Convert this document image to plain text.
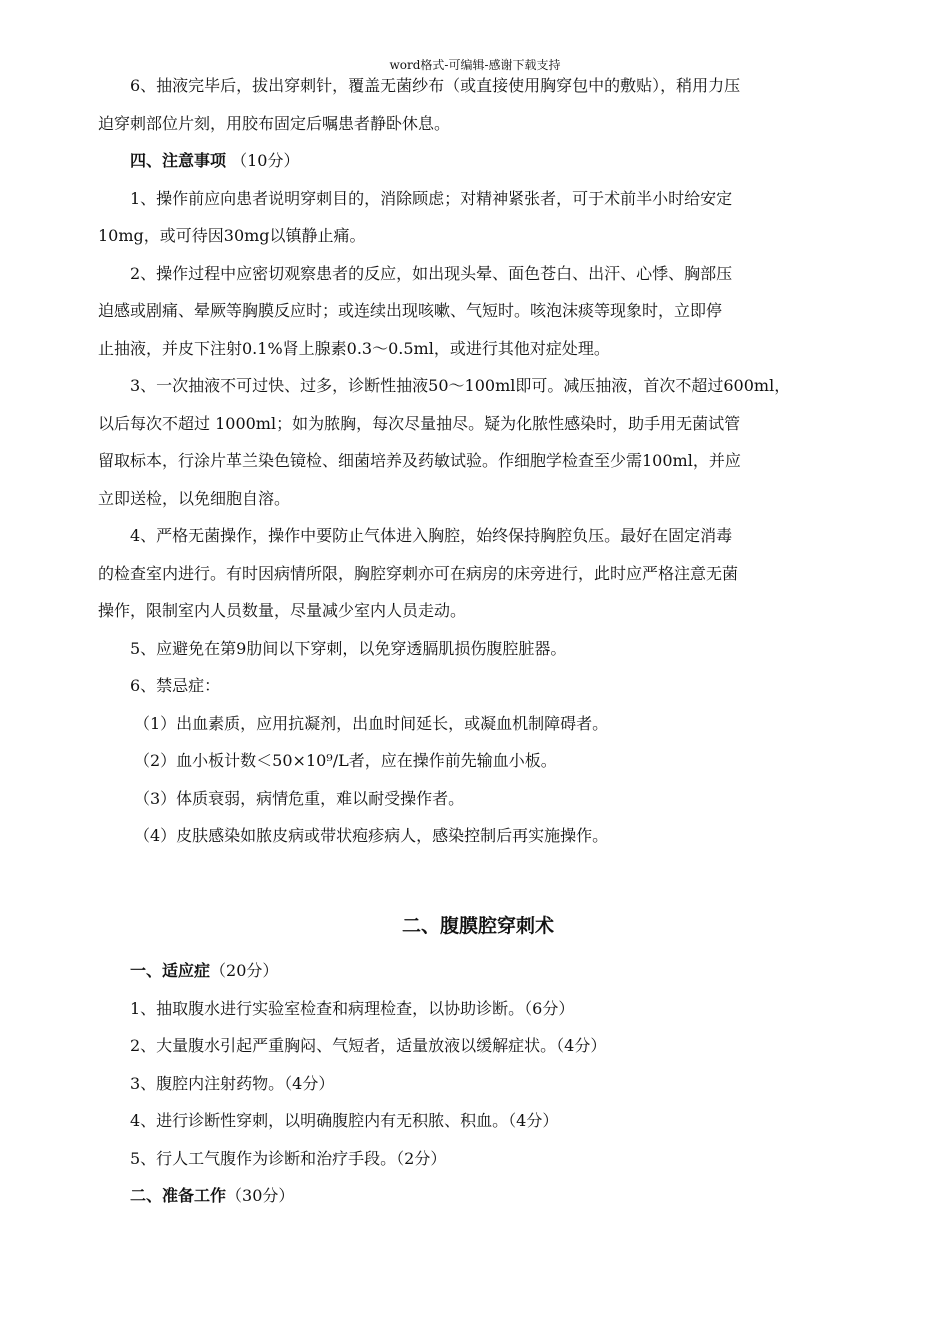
word格式-可编辑-感谢下载支持
6、抽液完毕后，拔出穿刺针，覆盖无菌纱布（或直接使用胸穿包中的敷贴），稍用力压
迫穿刺部位片刻，用胶布固定后嘱患者静卧休息。
四、注意事项 （10分）
1、操作前应向患者说明穿刺目的，消除顾虑；对精神紧张者，可于术前半小时给安定
10mg，或可待因30mg以镇静止痛。
2、操作过程中应密切观察患者的反应，如出现头晕、面色苍白、出汗、心悸、胸部压
迫感或剧痛、晕厥等胸膜反应时；或连续出现咳嗽、气短时。咳泡沫痰等现象时，立即停
止抽液，并皮下注射0.1%肾上腺素0.3～0.5ml，或进行其他对症处理。
3、一次抽液不可过快、过多，诊断性抽液50～100ml即可。减压抽液，首次不超过600ml，
以后每次不超过 1000ml；如为脓胸，每次尽量抽尽。疑为化脓性感染时，助手用无菌试管
留取标本，行涂片革兰染色镜检、细菌培养及药敏试验。作细胞学检查至少需100ml，并应
立即送检，以免细胞自溶。
4、严格无菌操作，操作中要防止气体进入胸腔，始终保持胸腔负压。最好在固定消毒
的检查室内进行。有时因病情所限，胸腔穿刺亦可在病房的床旁进行，此时应严格注意无菌
操作，限制室内人员数量，尽量减少室内人员走动。
5、应避免在第9肋间以下穿刺，以免穿透膈肌损伤腹腔脏器。
6、禁忌症：
（1）出血素质，应用抗凝剂，出血时间延长，或凝血机制障碍者。
（2）血小板计数＜50×10⁹/L者，应在操作前先输血小板。
（3）体质衰弱，病情危重，难以耐受操作者。
（4）皮肤感染如脓皮病或带状疱疹病人，感染控制后再实施操作。
二、腹膜腔穿刺术
一、适应症（20分）
1、抽取腹水进行实验室检查和病理检查，以协助诊断。（6分）
2、大量腹水引起严重胸闷、气短者，适量放液以缓解症状。（4分）
3、腹腔内注射药物。（4分）
4、进行诊断性穿刺，以明确腹腔内有无积脓、积血。（4分）
5、行人工气腹作为诊断和治疗手段。（2分）
二、准备工作（30分）
